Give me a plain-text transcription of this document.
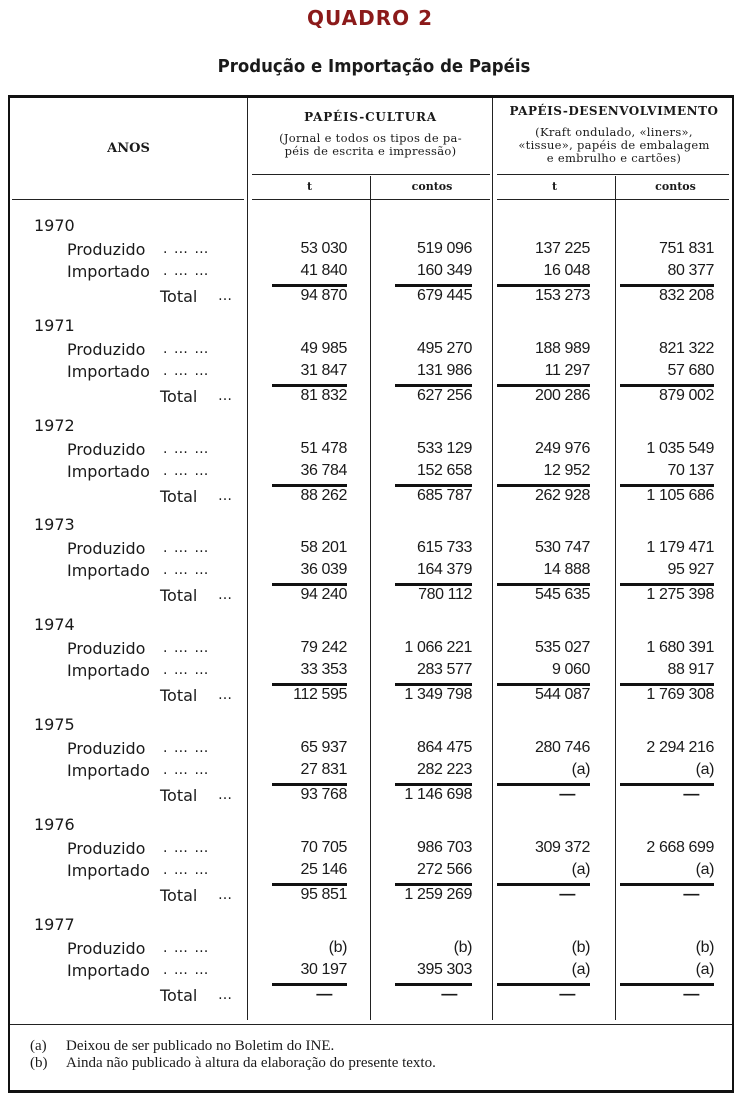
QUADRO 2
Produção e Importação de Papéis
ANOS
PAPÉIS-CULTURA
(Jornal e todos os tipos de pa-
péis de escrita e impressão)
PAPÉIS-DESENVOLVIMENTO
(Kraft ondulado, «liners»,
«tissue», papéis de embalagem
e embrulho e cartões)
t	contos	t	contos
1970
Produzido . … …	53 030	519 096	137 225	751 831
Importado . … …	41 840	160 349	16 048	80 377
Total …	94 870	679 445	153 273	832 208
1971
Produzido . … …	49 985	495 270	188 989	821 322
Importado . … …	31 847	131 986	11 297	57 680
Total …	81 832	627 256	200 286	879 002
1972
Produzido . … …	51 478	533 129	249 976	1 035 549
Importado . … …	36 784	152 658	12 952	70 137
Total …	88 262	685 787	262 928	1 105 686
1973
Produzido . … …	58 201	615 733	530 747	1 179 471
Importado . … …	36 039	164 379	14 888	95 927
Total …	94 240	780 112	545 635	1 275 398
1974
Produzido . … …	79 242	1 066 221	535 027	1 680 391
Importado . … …	33 353	283 577	9 060	88 917
Total …	112 595	1 349 798	544 087	1 769 308
1975
Produzido . … …	65 937	864 475	280 746	2 294 216
Importado . … …	27 831	282 223	(a)	(a)
Total …	93 768	1 146 698	—	—
1976
Produzido . … …	70 705	986 703	309 372	2 668 699
Importado . … …	25 146	272 566	(a)	(a)
Total …	95 851	1 259 269	—	—
1977
Produzido . … …	(b)	(b)	(b)	(b)
Importado . … …	30 197	395 303	(a)	(a)
Total …	—	—	—	—
(a) Deixou de ser publicado no Boletim do INE.
(b) Ainda não publicado à altura da elaboração do presente texto.
